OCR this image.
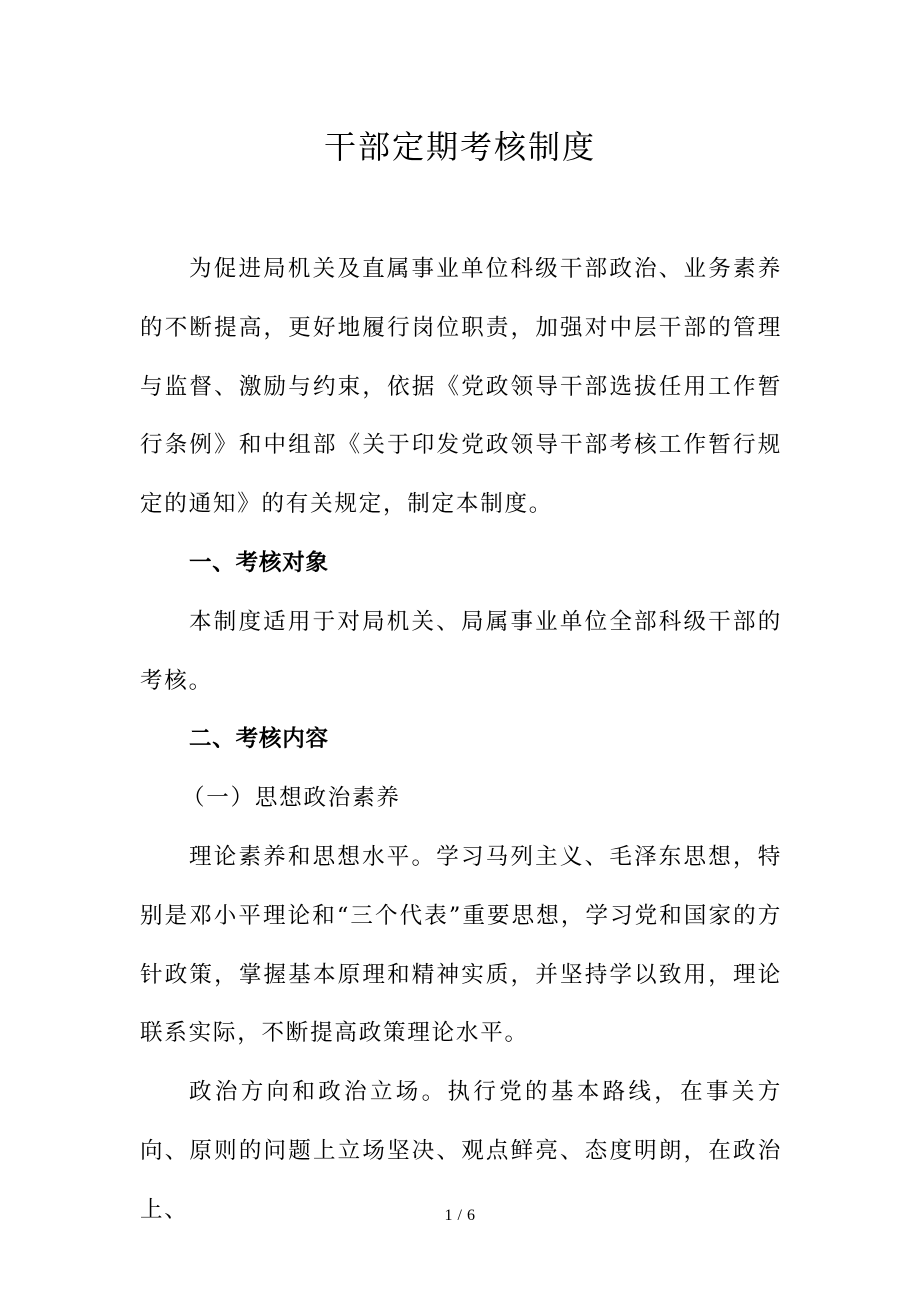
干部定期考核制度

为促进局机关及直属事业单位科级干部政治、业务素养的不断提高，更好地履行岗位职责，加强对中层干部的管理与监督、激励与约束，依据《党政领导干部选拔任用工作暂行条例》和中组部《关于印发党政领导干部考核工作暂行规定的通知》的有关规定，制定本制度。

一、考核对象

本制度适用于对局机关、局属事业单位全部科级干部的考核。

二、考核内容

（一）思想政治素养

理论素养和思想水平。学习马列主义、毛泽东思想，特别是邓小平理论和“三个代表”重要思想，学习党和国家的方针政策，掌握基本原理和精神实质，并坚持学以致用，理论联系实际，不断提高政策理论水平。

政治方向和政治立场。执行党的基本路线，在事关方向、原则的问题上立场坚决、观点鲜亮、态度明朗，在政治上、	1 / 6
